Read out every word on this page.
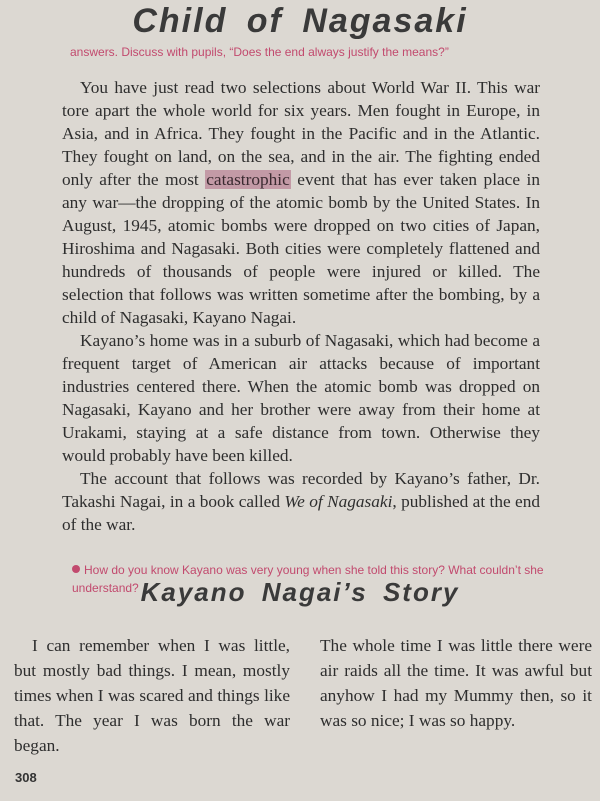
Child of Nagasaki
answers. Discuss with pupils, “Does the end always justify the means?”

You have just read two selections about World War II. This war tore apart the whole world for six years. Men fought in Europe, in Asia, and in Africa. They fought in the Pacific and in the Atlantic. They fought on land, on the sea, and in the air. The fighting ended only after the most catastrophic event that has ever taken place in any war—the dropping of the atomic bomb by the United States. In August, 1945, atomic bombs were dropped on two cities of Japan, Hiroshima and Nagasaki. Both cities were completely flattened and hundreds of thousands of people were injured or killed. The selection that follows was written sometime after the bombing, by a child of Nagasaki, Kayano Nagai.

Kayano’s home was in a suburb of Nagasaki, which had become a frequent target of American air attacks because of important industries centered there. When the atomic bomb was dropped on Nagasaki, Kayano and her brother were away from their home at Urakami, staying at a safe distance from town. Otherwise they would probably have been killed.

The account that follows was recorded by Kayano’s father, Dr. Takashi Nagai, in a book called We of Nagasaki, published at the end of the war.

How do you know Kayano was very young when she told this story? What couldn’t she understand? Kayano Nagai’s Story
I can remember when I was little, but mostly bad things. I mean, mostly times when I was scared and things like that. The year I was born the war began.
The whole time I was little there were air raids all the time. It was awful but anyhow I had my Mummy then, so it was so nice; I was so happy.
308
